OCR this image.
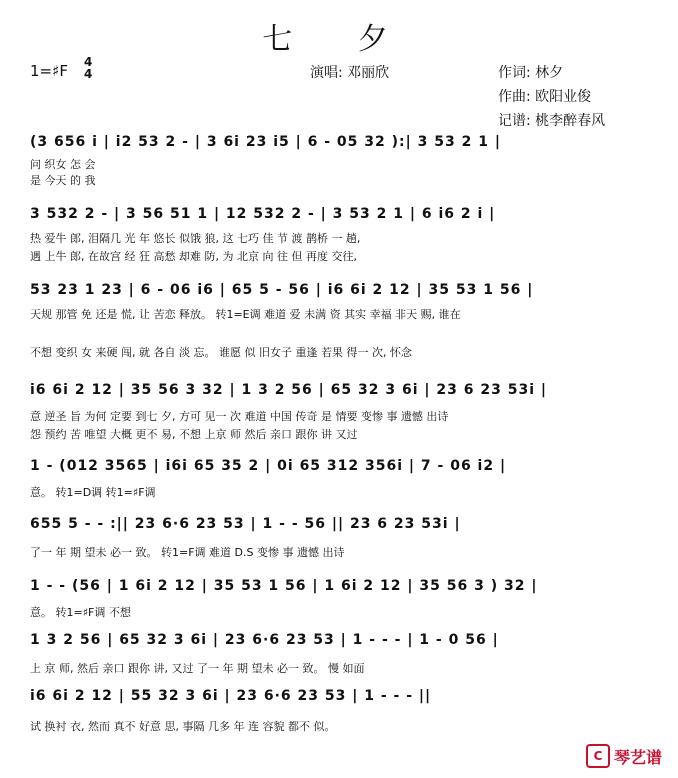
七 夕
1=♯F 4
4	演唱: 邓丽欣	作词: 林夕
作曲: 欧阳业俊
记谱: 桃李醉春风
(3 656 i | i2 53 2 - | 3 6i 23 i5 | 6 - 05 32 ):| 3 53 2 1 |
问 织女 怎 会
是 今天 的 我
3 532 2 - | 3 56 51 1 | 12 532 2 - | 3 53 2 1 | 6 i6 2 i |
热 爱牛 郎, 泪隔几 光 年 悠长 似饿 狼, 这 七巧 佳 节 渡 鹊桥 一 趟,
遇 上牛 郎, 在故宫 经 狂 高愁 却难 防, 为 北京 向 往 但 再度 交往,
53 23 1 23 | 6 - 06 i6 | 65 5 - 56 | i6 6i 2 12 | 35 53 1 56 |
天规 那管 免 还是 慌, 让 苦恋 释放。 转1=E调 难道 爱 未满 资 其实 幸福 非天 赐, 谁在
不想 变织 女 来硬 闯, 就 各自 淡 忘。 谁愿 似 旧女子 重逢 若果 得一 次, 怀念
i6 6i 2 12 | 35 56 3 32 | 1 3 2 56 | 65 32 3 6i | 23 6 23 53i |
意 逆圣 旨 为何 定要 到七 夕, 方可 见一 次 难道 中国 传奇 是 情要 变惨 事 遗憾 出诗
怨 预约 苦 唯望 大概 更不 易, 不想 上京 师 然后 亲口 跟你 讲 又过
1 - (012 3565 | i6i 65 35 2 | 0i 65 312 356i | 7 - 06 i2 |
意。 转1=D调 转1=♯F调
655 5 - - :|| 23 6·6 23 53 | 1 - - 56 || 23 6 23 53i |
了一 年 期 望未 必一 致。 转1=F调 难道 D.S 变惨 事 遗憾 出诗
1 - - (56 | 1 6i 2 12 | 35 53 1 56 | 1 6i 2 12 | 35 56 3 ) 32 |
意。 转1=♯F调 不想
1 3 2 56 | 65 32 3 6i | 23 6·6 23 53 | 1 - - - | 1 - 0 56 |
上 京 师, 然后 亲口 跟你 讲, 又过 了一 年 期 望未 必一 致。 慢 如面
i6 6i 2 12 | 55 32 3 6i | 23 6·6 23 53 | 1 - - - ||
试 换衬 衣, 然而 真不 好意 思, 事隔 几多 年 连 容貌 都不 似。
C 琴艺谱
